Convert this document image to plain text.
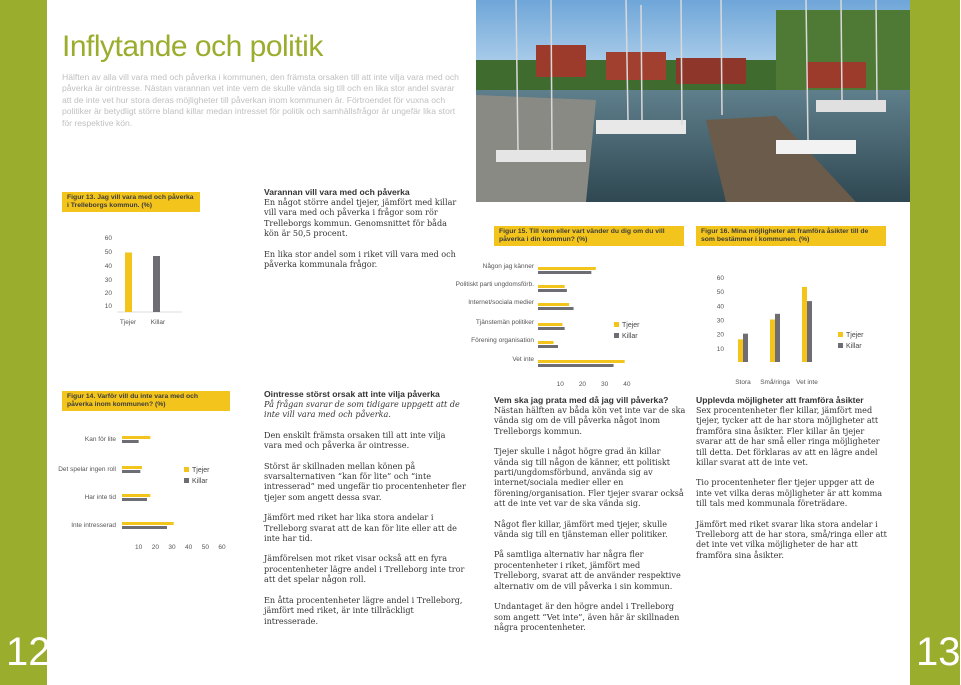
12	13
Inflytande och politik

Hälften av alla vill vara med och påverka i kommunen, den främsta orsaken till att inte vilja vara med och påverka är ointresse. Nästan varannan vet inte vem de skulle vända sig till och en lika stor andel svarar att de inte vet hur stora deras möjligheter till påverkan inom kommunen är. Förtroendet för vuxna och politiker är betydligt större bland killar medan intresset för politik och samhällsfrågor är ungefär lika stort för respektive kön.

Figur 13. Jag vill vara med och påverka i Trelleborgs kommun. (%)
60
50
40
30
20
10
Tjejer Killar
Varannan vill vara med och påverka

En något större andel tjejer, jämfört med killar vill vara med och påverka i frågor som rör Trelleborgs kommun. Genomsnittet för båda kön är 50,5 procent.

En lika stor andel som i riket vill vara med och påverka kommunala frågor.

Figur 14. Varför vill du inte vara med och påverka inom kommunen? (%)
Kan för lite
Det spelar ingen roll
Har inte tid
Inte intresserad
10 20 30 40 50 60
Tjejer
Killar
Ointresse störst orsak att inte vilja påverka

På frågan svarar de som tidigare uppgett att de inte vill vara med och påverka.

Den enskilt främsta orsaken till att inte vilja vara med och påverka är ointresse.

Störst är skillnaden mellan könen på svarsalternativen “kan för lite” och “inte intresserad” med ungefär tio procentenheter fler tjejer som angett dessa svar.

Jämfört med riket har lika stora andelar i Trelleborg svarat att de kan för lite eller att de inte har tid.

Jämförelsen mot riket visar också att en fyra procentenheter lägre andel i Trelleborg inte tror att det spelar någon roll.

En åtta procentenheter lägre andel i Trelleborg, jämfört med riket, är inte tillräckligt intresserade.

Figur 15. Till vem eller vart vänder du dig om du vill påverka i din kommun? (%)
Någon jag känner
Politiskt parti ungdomsförb.
Internet/sociala medier
Tjänstemän politiker
Förening organisation
Vet inte
10 20 30 40
Tjejer
Killar
Figur 16. Mina möjligheter att framföra åsikter till de som bestämmer i kommunen. (%)
60
50
40
30
20
10
Stora Små/ringa Vet inte
Tjejer
Killar
Vem ska jag prata med då jag vill påverka?

Nästan hälften av båda kön vet inte var de ska vända sig om de vill påverka något inom Trelleborgs kommun.

Tjejer skulle i något högre grad än killar vända sig till någon de känner, ett politiskt parti/ungdomsförbund, använda sig av internet/sociala medier eller en förening/organisation. Fler tjejer svarar också att de inte vet var de ska vända sig.

Något fler killar, jämfört med tjejer, skulle vända sig till en tjänsteman eller politiker.

På samtliga alternativ har några fler procentenheter i riket, jämfört med Trelleborg, svarat att de använder respektive alternativ om de vill påverka i sin kommun.

Undantaget är den högre andel i Trelleborg som angett “Vet inte”, även här är skillnaden några procentenheter.

Upplevda möjligheter att framföra åsikter

Sex procentenheter fler killar, jämfört med tjejer, tycker att de har stora möjligheter att framföra sina åsikter. Fler killar än tjejer svarar att de har små eller ringa möjligheter till detta. Det förklaras av att en lägre andel killar svarat att de inte vet.

Tio procentenheter fler tjejer uppger att de inte vet vilka deras möjligheter är att komma till tals med kommunala företrädare.

Jämfört med riket svarar lika stora andelar i Trelleborg att de har stora, små/ringa eller att det inte vet vilka möjligheter de har att framföra sina åsikter.
